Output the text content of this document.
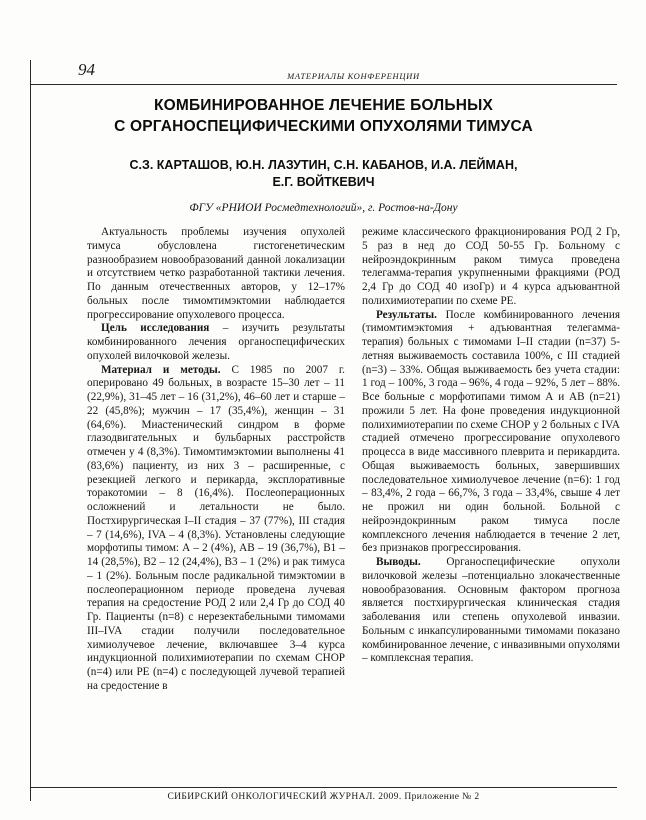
94	МАТЕРИАЛЫ КОНФЕРЕНЦИИ
КОМБИНИРОВАННОЕ ЛЕЧЕНИЕ БОЛЬНЫХ
С ОРГАНОСПЕЦИФИЧЕСКИМИ ОПУХОЛЯМИ ТИМУСА
С.З. КАРТАШОВ, Ю.Н. ЛАЗУТИН, С.Н. КАБАНОВ, И.А. ЛЕЙМАН,
Е.Г. ВОЙТКЕВИЧ
ФГУ «РНИОИ Росмедтехнологий», г. Ростов-на-Дону

Актуальность проблемы изучения опухолей тимуса обусловлена гистогенетическим разнообразием новообразований данной локализации и отсутствием четко разработанной тактики лечения. По данным отечественных авторов, у 12–17% больных после тимомтимэктомии наблюдается прогрессирование опухолевого процесса.

Цель исследования – изучить результаты комбинированного лечения органоспецифических опухолей вилочковой железы.

Материал и методы. С 1985 по 2007 г. оперировано 49 больных, в возрасте 15–30 лет – 11 (22,9%), 31–45 лет – 16 (31,2%), 46–60 лет и старше – 22 (45,8%); мужчин – 17 (35,4%), женщин – 31 (64,6%). Миастенический синдром в форме глазодвигательных и бульбарных расстройств отмечен у 4 (8,3%). Тимомтимэктомии выполнены 41 (83,6%) пациенту, из них 3 – расширенные, с резекцией легкого и перикарда, эксплоративные торакотомии – 8 (16,4%). Послеоперационных осложнений и летальности не было. Постхирургическая I–II стадия – 37 (77%), III стадия – 7 (14,6%), IVA – 4 (8,3%). Установлены следующие морфотипы тимом: А – 2 (4%), АВ – 19 (36,7%), В1 – 14 (28,5%), В2 – 12 (24,4%), В3 – 1 (2%) и рак тимуса – 1 (2%). Больным после радикальной тимэктомии в послеоперационном периоде проведена лучевая терапия на средостение РОД 2 или 2,4 Гр до СОД 40 Гр. Пациенты (n=8) с нерезектабельными тимомами III–IVA стадии получили последовательное химиолучевое лечение, включавшее 3–4 курса индукционной полихимиотерапии по схемам СНОР (n=4) или РЕ (n=4) с последующей лучевой терапией на средостение в

режиме классического фракционирования РОД 2 Гр, 5 раз в нед до СОД 50-55 Гр. Больному с нейроэндокринным раком тимуса проведена телегамма-терапия укрупненными фракциями (РОД 2,4 Гр до СОД 40 изоГр) и 4 курса адъювантной полихимиотерапии по схеме РЕ.

Результаты. После комбинированного лечения (тимомтимэктомия + адъювантная телегамма-терапия) больных с тимомами I–II стадии (n=37) 5-летняя выживаемость составила 100%, с III стадией (n=3) – 33%. Общая выживаемость без учета стадии: 1 год – 100%, 3 года – 96%, 4 года – 92%, 5 лет – 88%. Все больные с морфотипами тимом А и АВ (n=21) прожили 5 лет. На фоне проведения индукционной полихимиотерапии по схеме СНОР у 2 больных с IVA стадией отмечено прогрессирование опухолевого процесса в виде массивного плеврита и перикардита. Общая выживаемость больных, завершивших последовательное химиолучевое лечение (n=6): 1 год – 83,4%, 2 года – 66,7%, 3 года – 33,4%, свыше 4 лет не прожил ни один больной. Больной с нейроэндокринным раком тимуса после комплексного лечения наблюдается в течение 2 лет, без признаков прогрессирования.

Выводы. Органоспецифические опухоли вилочковой железы –потенциально злокачественные новообразования. Основным фактором прогноза является постхирургическая клиническая стадия заболевания или степень опухолевой инвазии. Больным с инкапсулированными тимомами показано комбинированное лечение, с инвазивными опухолями – комплексная терапия.

СИБИРСКИЙ ОНКОЛОГИЧЕСКИЙ ЖУРНАЛ. 2009. Приложение № 2
